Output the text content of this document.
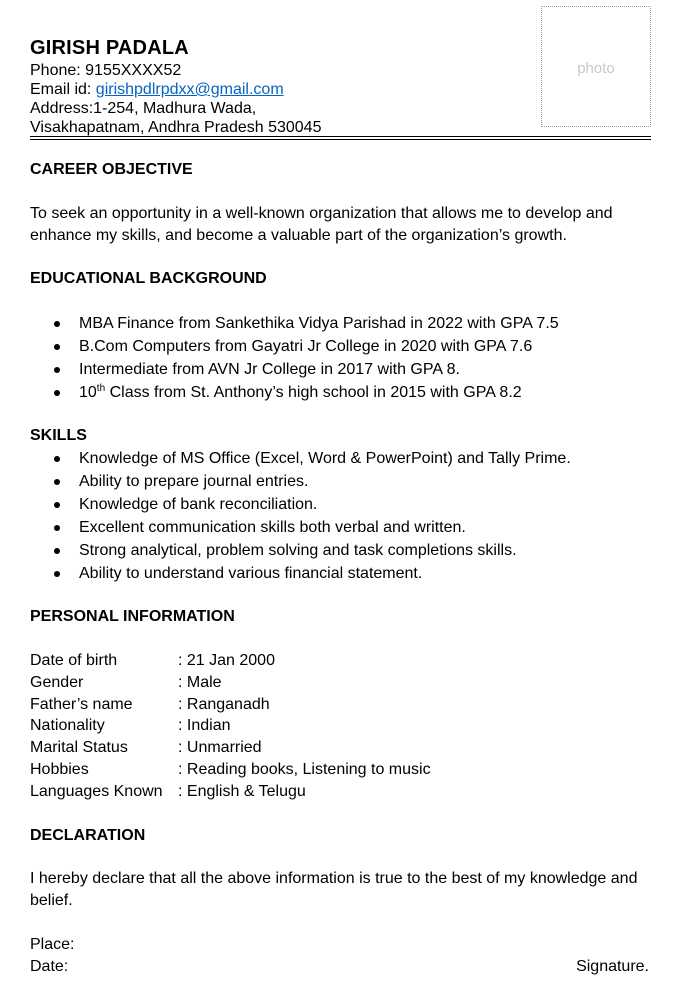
GIRISH PADALA
Phone: 9155XXXX52
Email id: girishpdlrpdxx@gmail.com
Address:1-254, Madhura Wada,
Visakhapatnam, Andhra Pradesh 530045
photo
CAREER OBJECTIVE
To seek an opportunity in a well-known organization that allows me to develop and enhance my skills, and become a valuable part of the organization’s growth.
EDUCATIONAL BACKGROUND
MBA Finance from Sankethika Vidya Parishad in 2022 with GPA 7.5
B.Com Computers from Gayatri Jr College in 2020 with GPA 7.6
Intermediate from AVN Jr College in 2017 with GPA 8.
10th Class from St. Anthony’s high school in 2015 with GPA 8.2
SKILLS
Knowledge of MS Office (Excel, Word & PowerPoint) and Tally Prime.
Ability to prepare journal entries.
Knowledge of bank reconciliation.
Excellent communication skills both verbal and written.
Strong analytical, problem solving and task completions skills.
Ability to understand various financial statement.
PERSONAL INFORMATION
Date of birth	: 21 Jan 2000
Gender	: Male
Father’s name	: Ranganadh
Nationality	: Indian
Marital Status	: Unmarried
Hobbies	: Reading books, Listening to music
Languages Known	: English & Telugu
DECLARATION
I hereby declare that all the above information is true to the best of my knowledge and belief.
Place:
Date:	Signature.
